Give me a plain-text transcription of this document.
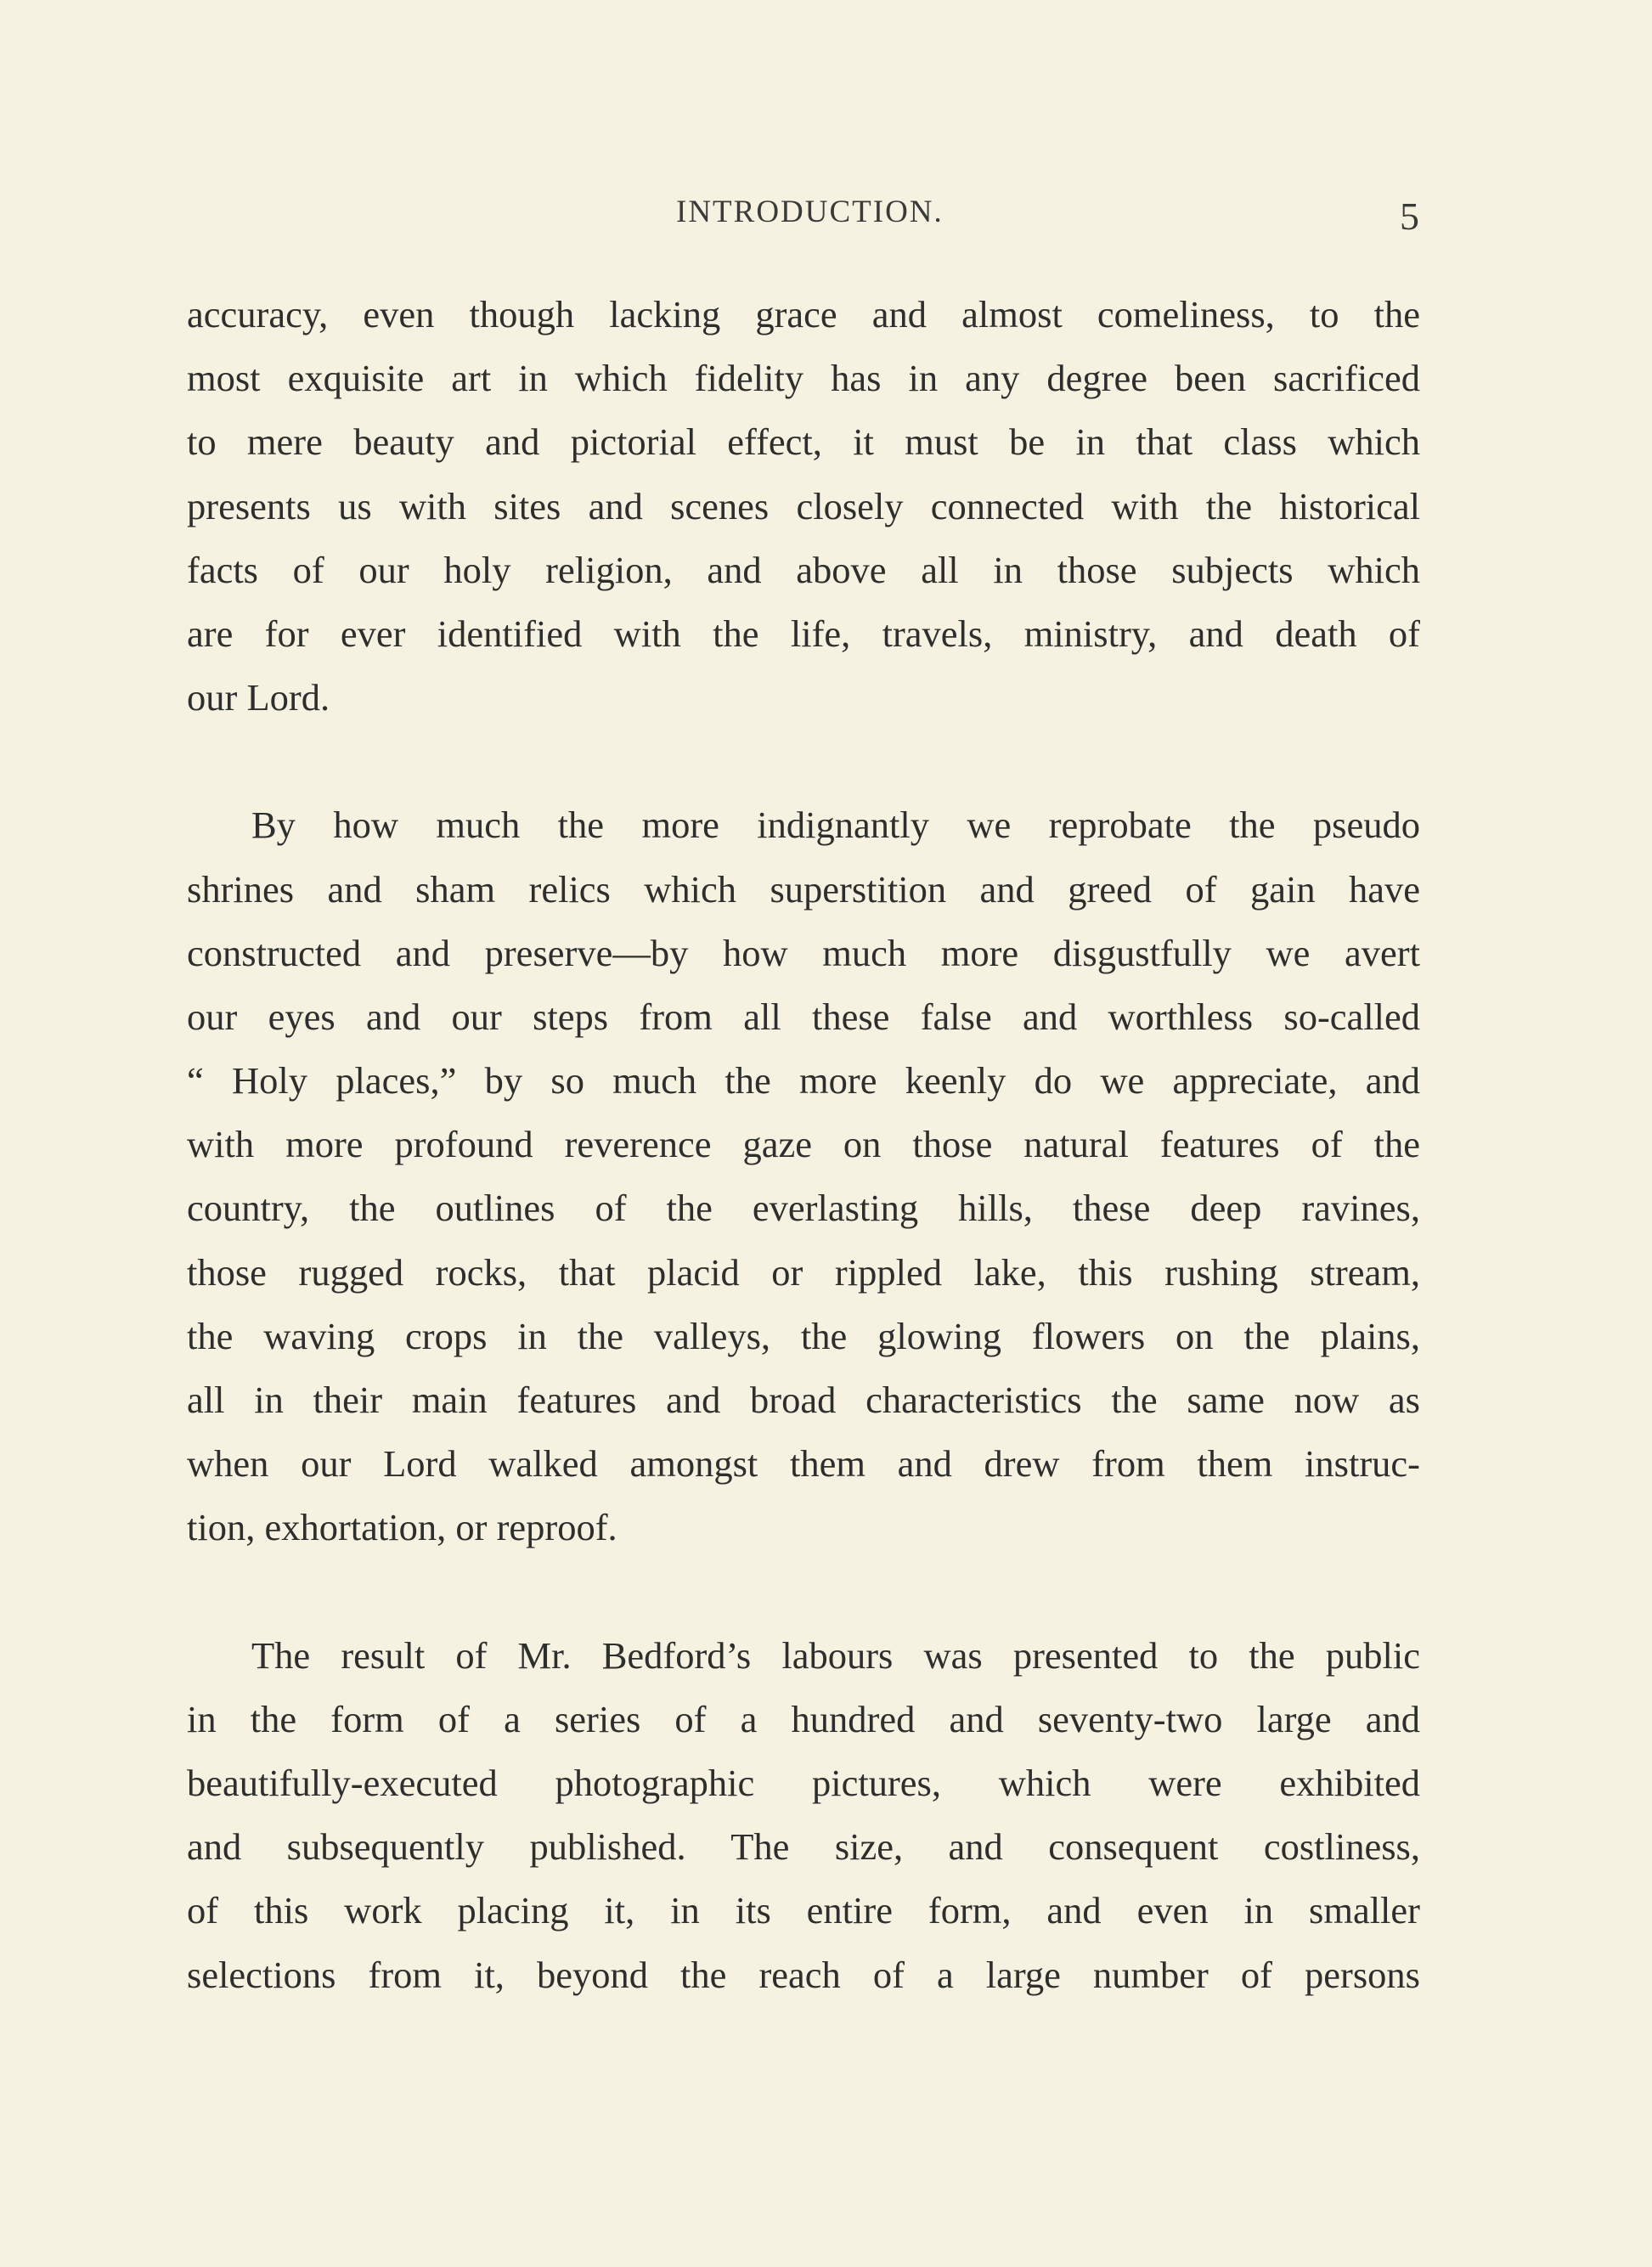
INTRODUCTION.	5
accuracy, even though lacking grace and almost comeliness, to the
most exquisite art in which fidelity has in any degree been sacrificed
to mere beauty and pictorial effect, it must be in that class which
presents us with sites and scenes closely connected with the historical
facts of our holy religion, and above all in those subjects which
are for ever identified with the life, travels, ministry, and death of
our Lord.
By how much the more indignantly we reprobate the pseudo
shrines and sham relics which superstition and greed of gain have
constructed and preserve—by how much more disgustfully we avert
our eyes and our steps from all these false and worthless so-called
“ Holy places,” by so much the more keenly do we appreciate, and
with more profound reverence gaze on those natural features of the
country, the outlines of the everlasting hills, these deep ravines,
those rugged rocks, that placid or rippled lake, this rushing stream,
the waving crops in the valleys, the glowing flowers on the plains,
all in their main features and broad characteristics the same now as
when our Lord walked amongst them and drew from them instruc-
tion, exhortation, or reproof.
The result of Mr. Bedford’s labours was presented to the public
in the form of a series of a hundred and seventy-two large and
beautifully-executed photographic pictures, which were exhibited
and subsequently published. The size, and consequent costliness,
of this work placing it, in its entire form, and even in smaller
selections from it, beyond the reach of a large number of persons
